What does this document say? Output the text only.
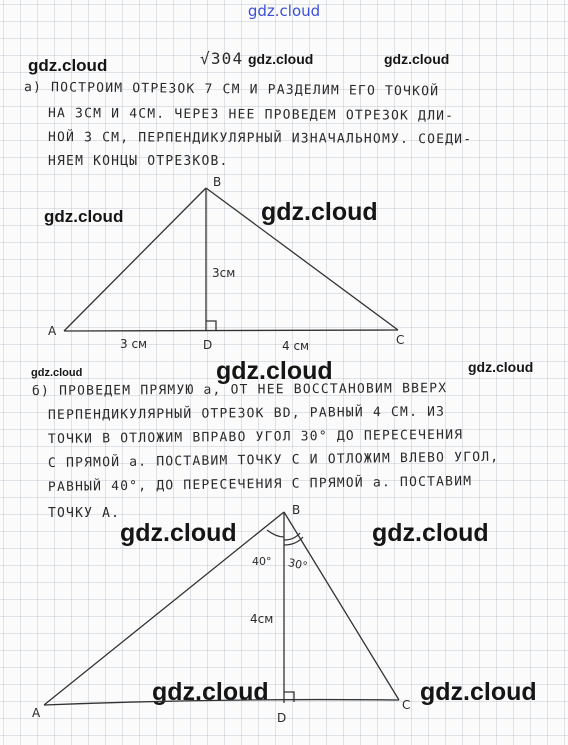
gdz.cloud
gdz.cloud	gdz.cloud	gdz.cloud
gdz.cloud	gdz.cloud
gdz.cloud	gdz.cloud	gdz.cloud
gdz.cloud	gdz.cloud
gdz.cloud	gdz.cloud
√304
а) ПОСТРОИМ ОТРЕЗОК 7 СМ И РАЗДЕЛИМ ЕГО ТОЧКОЙ
НА 3СМ И 4СМ. ЧЕРЕЗ НЕЕ ПРОВЕДЕМ ОТРЕЗОК ДЛИ-
НОЙ 3 СМ, ПЕРПЕНДИКУЛЯРНЫЙ ИЗНАЧАЛЬНОМУ. СОЕДИ-
НЯЕМ КОНЦЫ ОТРЕЗКОВ.
B
A
C
D
3см
3 см	4 см
б) ПРОВЕДЕМ ПРЯМУЮ а, ОТ НЕЕ ВОССТАНОВИМ ВВЕРХ
ПЕРПЕНДИКУЛЯРНЫЙ ОТРЕЗОК BD, РАВНЫЙ 4 СМ. ИЗ
ТОЧКИ В ОТЛОЖИМ ВПРАВО УГОЛ 30° ДО ПЕРЕСЕЧЕНИЯ
С ПРЯМОЙ а. ПОСТАВИМ ТОЧКУ С И ОТЛОЖИМ ВЛЕВО УГОЛ,
РАВНЫЙ 40°, ДО ПЕРЕСЕЧЕНИЯ С ПРЯМОЙ а. ПОСТАВИМ
ТОЧКУ А.	B
A
C
D
4см
40° 30°
